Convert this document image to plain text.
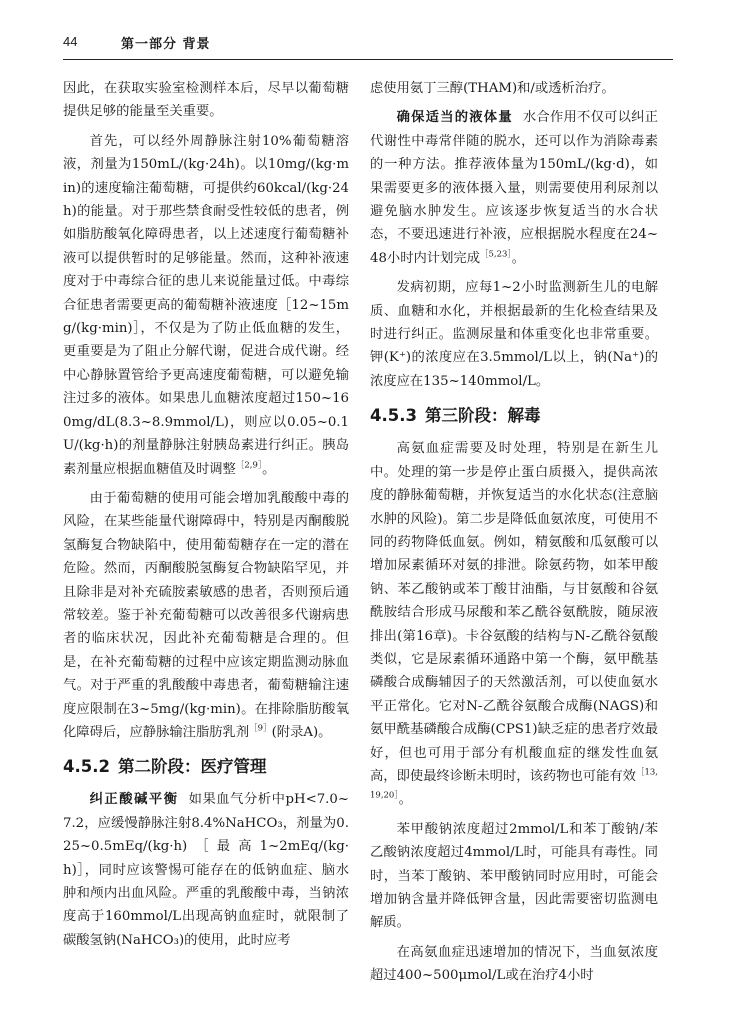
44	第一部分 背景

因此，在获取实验室检测样本后，尽早以葡萄糖提供足够的能量至关重要。

首先，可以经外周静脉注射10%葡萄糖溶液，剂量为150mL/(kg·24h)。以10mg/(kg·min)的速度输注葡萄糖，可提供约60kcal/(kg·24h)的能量。对于那些禁食耐受性较低的患者，例如脂肪酸氧化障碍患者，以上述速度行葡萄糖补液可以提供暂时的足够能量。然而，这种补液速度对于中毒综合征的患儿来说能量过低。中毒综合征患者需要更高的葡萄糖补液速度［12~15mg/(kg·min)］，不仅是为了防止低血糖的发生，更重要是为了阻止分解代谢，促进合成代谢。经中心静脉置管给予更高速度葡萄糖，可以避免输注过多的液体。如果患儿血糖浓度超过150~160mg/dL(8.3~8.9mmol/L)，则应以0.05~0.1U/(kg·h)的剂量静脉注射胰岛素进行纠正。胰岛素剂量应根据血糖值及时调整$^{[2,9]}$。

由于葡萄糖的使用可能会增加乳酸酸中毒的风险，在某些能量代谢障碍中，特别是丙酮酸脱氢酶复合物缺陷中，使用葡萄糖存在一定的潜在危险。然而，丙酮酸脱氢酶复合物缺陷罕见，并且除非是对补充硫胺素敏感的患者，否则预后通常较差。鉴于补充葡萄糖可以改善很多代谢病患者的临床状况，因此补充葡萄糖是合理的。但是，在补充葡萄糖的过程中应该定期监测动脉血气。对于严重的乳酸酸中毒患者，葡萄糖输注速度应限制在3~5mg/(kg·min)。在排除脂肪酸氧化障碍后，应静脉输注脂肪乳剂$^{[9]}$(附录A)。

4.5.2 第二阶段：医疗管理

纠正酸碱平衡 如果血气分析中pH<7.0~7.2，应缓慢静脉注射8.4%NaHCO₃，剂量为0.25~0.5mEq/(kg·h)［最高1~2mEq/(kg·h)］，同时应该警惕可能存在的低钠血症、脑水肿和颅内出血风险。严重的乳酸酸中毒，当钠浓度高于160mmol/L出现高钠血症时，就限制了碳酸氢钠(NaHCO₃)的使用，此时应考

虑使用氨丁三醇(THAM)和/或透析治疗。

确保适当的液体量 水合作用不仅可以纠正代谢性中毒常伴随的脱水，还可以作为消除毒素的一种方法。推荐液体量为150mL/(kg·d)，如果需要更多的液体摄入量，则需要使用利尿剂以避免脑水肿发生。应该逐步恢复适当的水合状态，不要迅速进行补液，应根据脱水程度在24~48小时内计划完成$^{[5,23]}$。

发病初期，应每1~2小时监测新生儿的电解质、血糖和水化，并根据最新的生化检查结果及时进行纠正。监测尿量和体重变化也非常重要。钾(K⁺)的浓度应在3.5mmol/L以上，钠(Na⁺)的浓度应在135~140mmol/L。

4.5.3 第三阶段：解毒

高氨血症需要及时处理，特别是在新生儿中。处理的第一步是停止蛋白质摄入，提供高浓度的静脉葡萄糖，并恢复适当的水化状态(注意脑水肿的风险)。第二步是降低血氨浓度，可使用不同的药物降低血氨。例如，精氨酸和瓜氨酸可以增加尿素循环对氨的排泄。除氨药物，如苯甲酸钠、苯乙酸钠或苯丁酸甘油酯，与甘氨酸和谷氨酰胺结合形成马尿酸和苯乙酰谷氨酰胺，随尿液排出(第16章)。卡谷氨酸的结构与N-乙酰谷氨酸类似，它是尿素循环通路中第一个酶，氨甲酰基磷酸合成酶辅因子的天然激活剂，可以使血氨水平正常化。它对N-乙酰谷氨酸合成酶(NAGS)和氨甲酰基磷酸合成酶(CPS1)缺乏症的患者疗效最好，但也可用于部分有机酸血症的继发性血氨高，即使最终诊断未明时，该药物也可能有效$^{[13,19,20]}$。

苯甲酸钠浓度超过2mmol/L和苯丁酸钠/苯乙酸钠浓度超过4mmol/L时，可能具有毒性。同时，当苯丁酸钠、苯甲酸钠同时应用时，可能会增加钠含量并降低钾含量，因此需要密切监测电解质。

在高氨血症迅速增加的情况下，当血氨浓度超过400~500μmol/L或在治疗4小时
